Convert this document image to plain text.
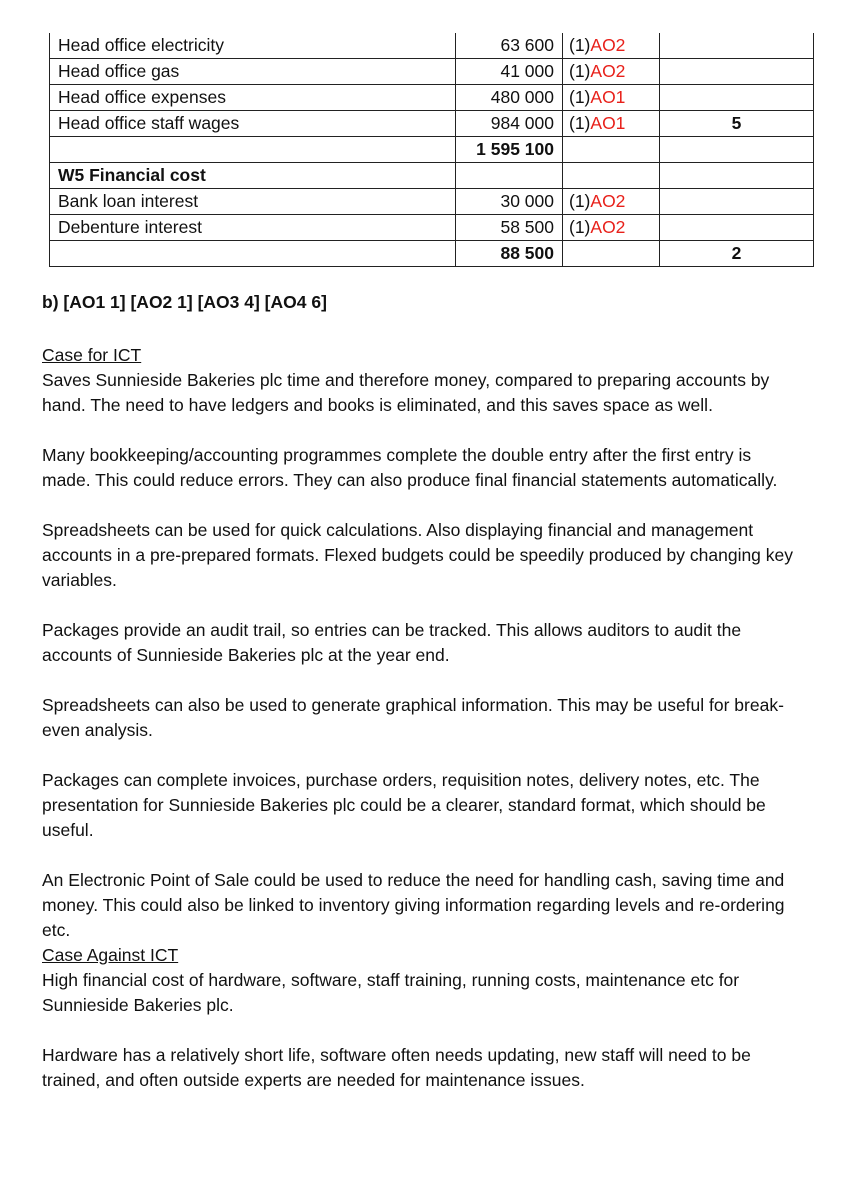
Head office electricity	63 600	(1)AO2	
Head office gas	41 000	(1)AO2	
Head office expenses	480 000	(1)AO1	
Head office staff wages	984 000	(1)AO1	5
	1 595 100		
W5 Financial cost			
Bank loan interest	30 000	(1)AO2	
Debenture interest	58 500	(1)AO2	
	88 500		2
b) [AO1 1] [AO2 1] [AO3 4] [AO4 6]

Case for ICT

Saves Sunnieside Bakeries plc time and therefore money, compared to preparing accounts by hand. The need to have ledgers and books is eliminated, and this saves space as well.

Many bookkeeping/accounting programmes complete the double entry after the first entry is made. This could reduce errors. They can also produce final financial statements automatically.

Spreadsheets can be used for quick calculations. Also displaying financial and management accounts in a pre-prepared formats. Flexed budgets could be speedily produced by changing key variables.

Packages provide an audit trail, so entries can be tracked. This allows auditors to audit the accounts of Sunnieside Bakeries plc at the year end.

Spreadsheets can also be used to generate graphical information. This may be useful for break-even analysis.

Packages can complete invoices, purchase orders, requisition notes, delivery notes, etc. The presentation for Sunnieside Bakeries plc could be a clearer, standard format, which should be useful.

An Electronic Point of Sale could be used to reduce the need for handling cash, saving time and money. This could also be linked to inventory giving information regarding levels and re-ordering etc.

Case Against ICT

High financial cost of hardware, software, staff training, running costs, maintenance etc for Sunnieside Bakeries plc.

Hardware has a relatively short life, software often needs updating, new staff will need to be trained, and often outside experts are needed for maintenance issues.
